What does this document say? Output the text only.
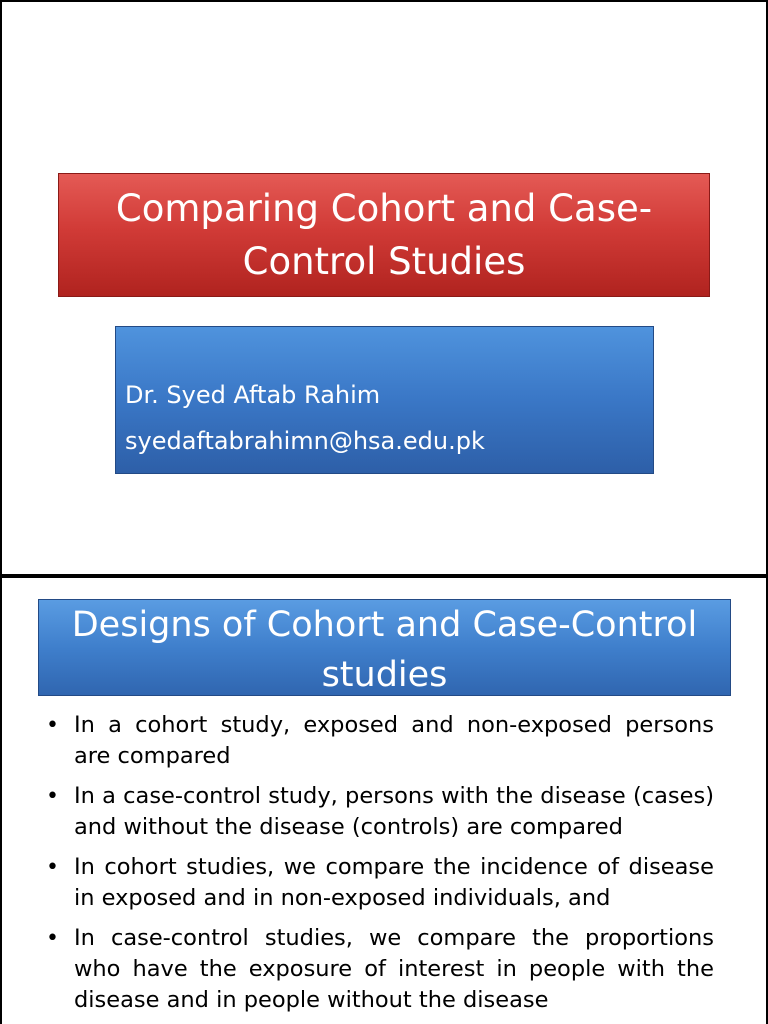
Comparing Cohort and Case-Control Studies
Dr. Syed Aftab Rahim
syedaftabrahimn@hsa.edu.pk
Designs of Cohort and Case-Control studies
• In a cohort study, exposed and non-exposed persons are compared
• In a case-control study, persons with the disease (cases) and without the disease (controls) are compared
• In cohort studies, we compare the incidence of disease in exposed and in non-exposed individuals, and
• In case-control studies, we compare the proportions who have the exposure of interest in people with the disease and in people without the disease
